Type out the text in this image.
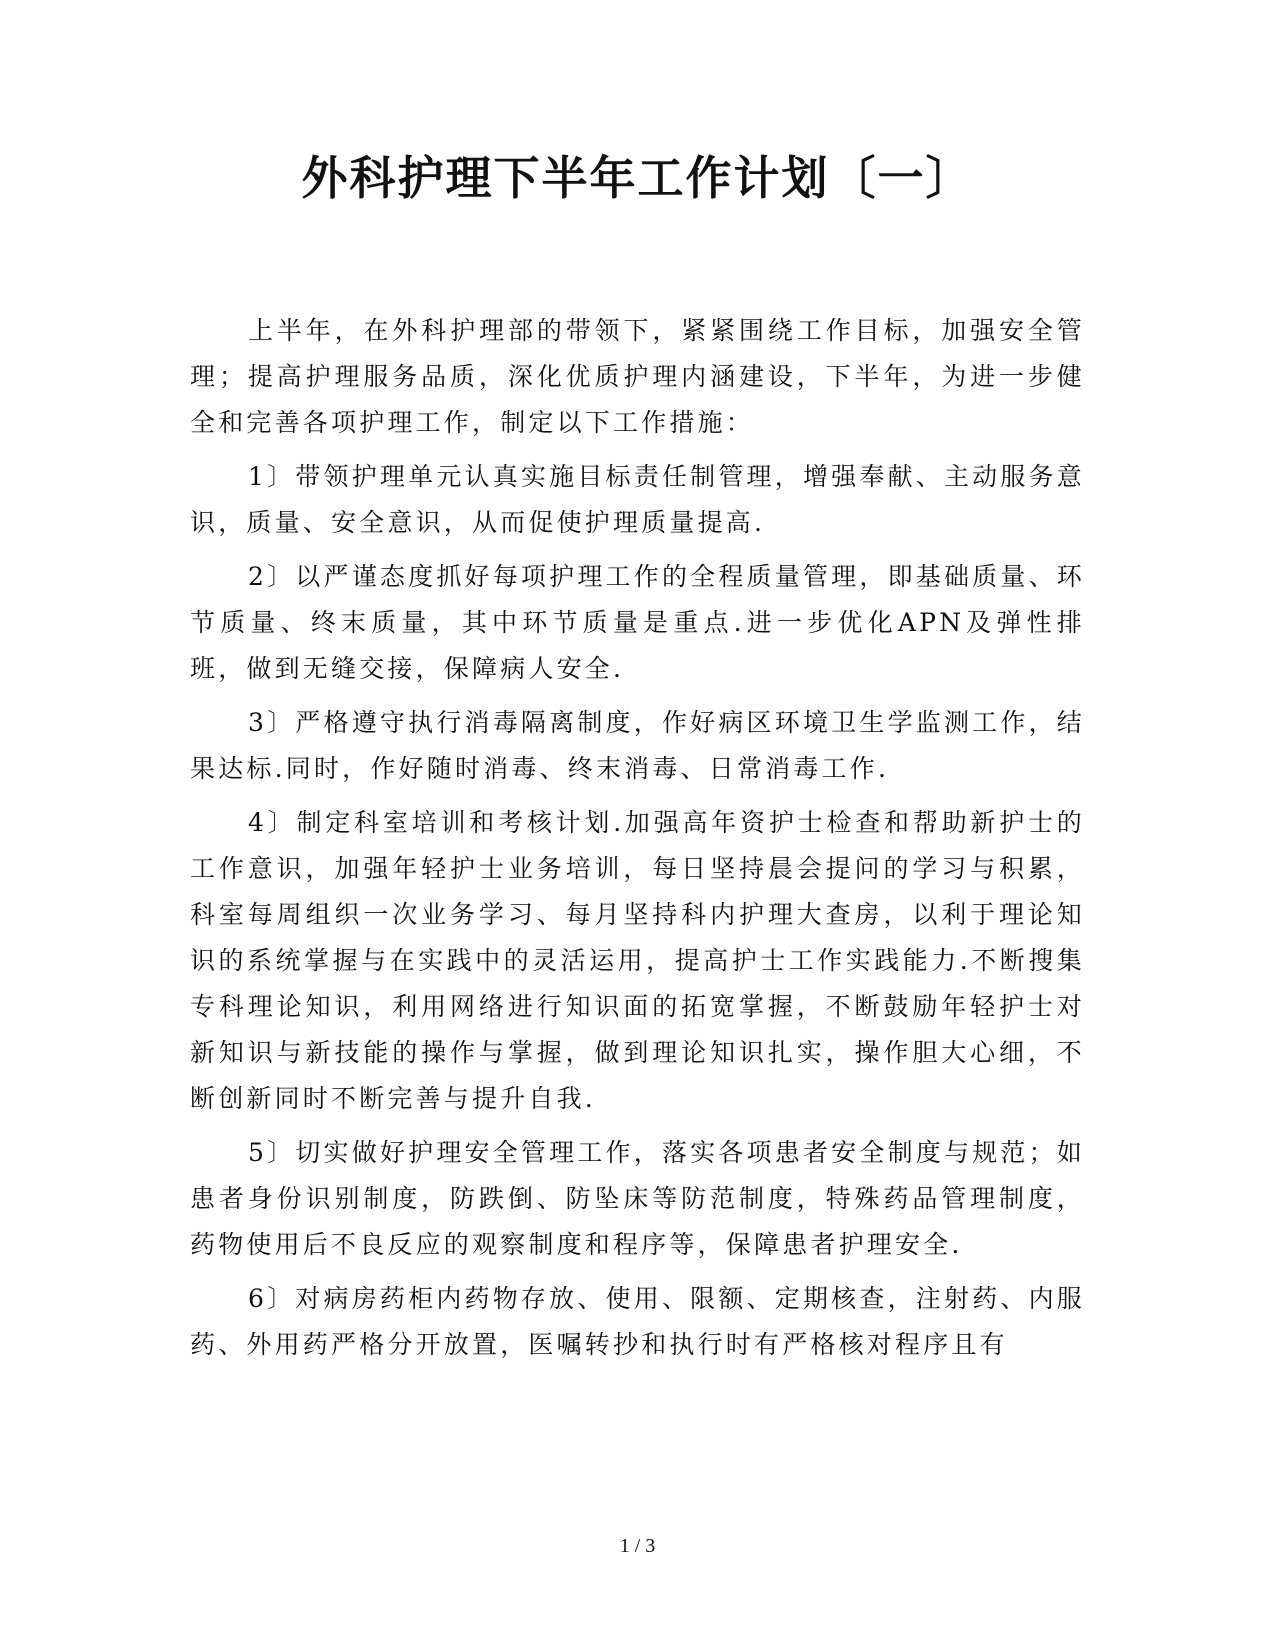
外科护理下半年工作计划〔一〕

上半年，在外科护理部的带领下，紧紧围绕工作目标，加强安全管理；提高护理服务品质，深化优质护理内涵建设，下半年，为进一步健全和完善各项护理工作，制定以下工作措施：

1〕带领护理单元认真实施目标责任制管理，增强奉献、主动服务意识，质量、安全意识，从而促使护理质量提高.

2〕以严谨态度抓好每项护理工作的全程质量管理，即基础质量、环节质量、终末质量，其中环节质量是重点.进一步优化APN及弹性排班，做到无缝交接，保障病人安全.

3〕严格遵守执行消毒隔离制度，作好病区环境卫生学监测工作，结果达标.同时，作好随时消毒、终末消毒、日常消毒工作.

4〕制定科室培训和考核计划.加强高年资护士检查和帮助新护士的工作意识，加强年轻护士业务培训，每日坚持晨会提问的学习与积累，科室每周组织一次业务学习、每月坚持科内护理大查房，以利于理论知识的系统掌握与在实践中的灵活运用，提高护士工作实践能力.不断搜集专科理论知识，利用网络进行知识面的拓宽掌握，不断鼓励年轻护士对新知识与新技能的操作与掌握，做到理论知识扎实，操作胆大心细，不断创新同时不断完善与提升自我.

5〕切实做好护理安全管理工作，落实各项患者安全制度与规范；如患者身份识别制度，防跌倒、防坠床等防范制度，特殊药品管理制度，药物使用后不良反应的观察制度和程序等，保障患者护理安全.

6〕对病房药柜内药物存放、使用、限额、定期核查，注射药、内服药、外用药严格分开放置，医嘱转抄和执行时有严格核对程序且有

1 / 3
